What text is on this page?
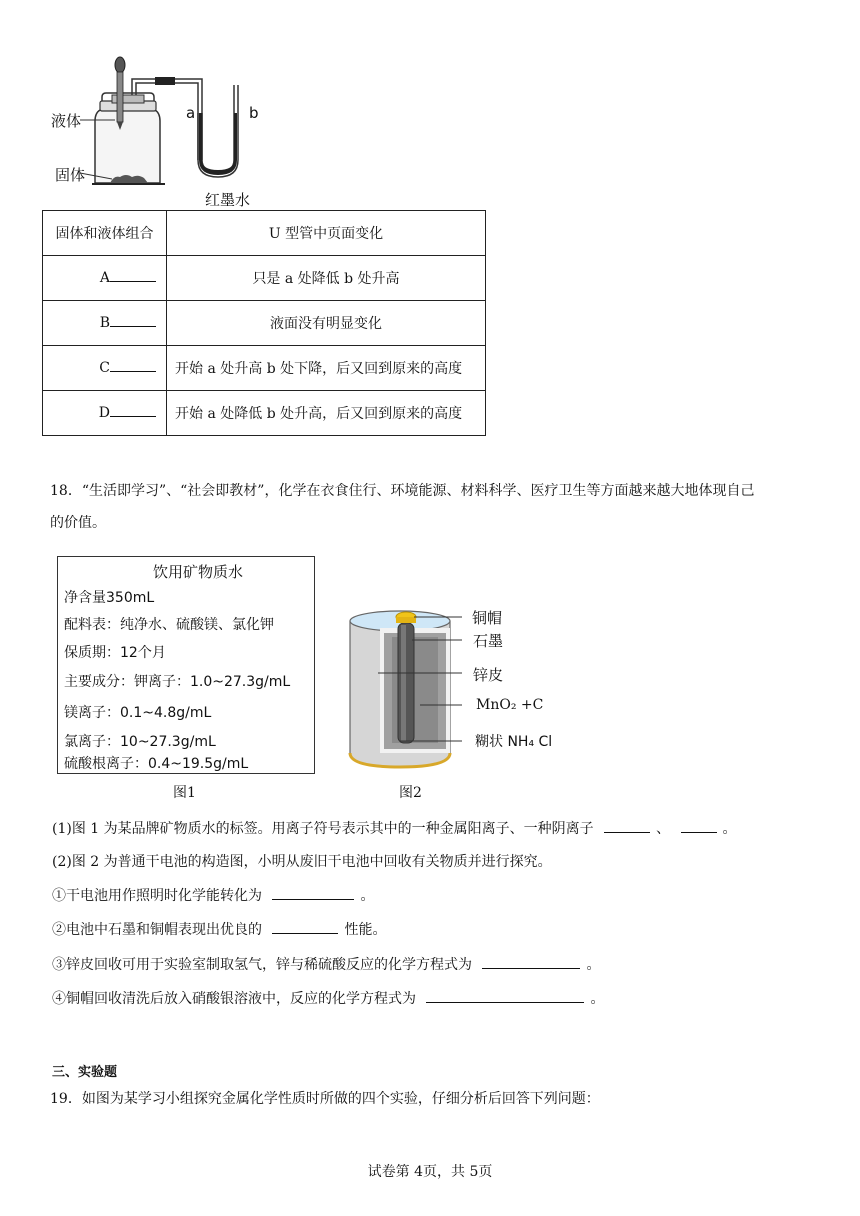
液体
固体
a	b
红墨水
固体和液体组合	U 型管中页面变化
A	只是 a 处降低 b 处升高
B	液面没有明显变化
C	开始 a 处升高 b 处下降，后又回到原来的高度
D	开始 a 处降低 b 处升高，后又回到原来的高度
18．“生活即学习”、“社会即教材”，化学在衣食住行、环境能源、材料科学、医疗卫生等方面越来越大地体现自己
的价值。
饮用矿物质水
净含量350mL
配料表：纯净水、硫酸镁、氯化钾
保质期：12个月
主要成分：钾离子：1.0~27.3g/mL
镁离子：0.1~4.8g/mL
氯离子：10~27.3g/mL
硫酸根离子：0.4~19.5g/mL
图1
铜帽
石墨
锌皮
MnO₂ +C
糊状 NH₄ Cl
图2
(1)图 1 为某品牌矿物质水的标签。用离子符号表示其中的一种金属阳离子、一种阴离子	、	。
(2)图 2 为普通干电池的构造图，小明从废旧干电池中回收有关物质并进行探究。
①干电池用作照明时化学能转化为	。
②电池中石墨和铜帽表现出优良的	性能。
③锌皮回收可用于实验室制取氢气，锌与稀硫酸反应的化学方程式为	。
④铜帽回收清洗后放入硝酸银溶液中，反应的化学方程式为	。
三、实验题
19．如图为某学习小组探究金属化学性质时所做的四个实验，仔细分析后回答下列问题：
试卷第 4页，共 5页
